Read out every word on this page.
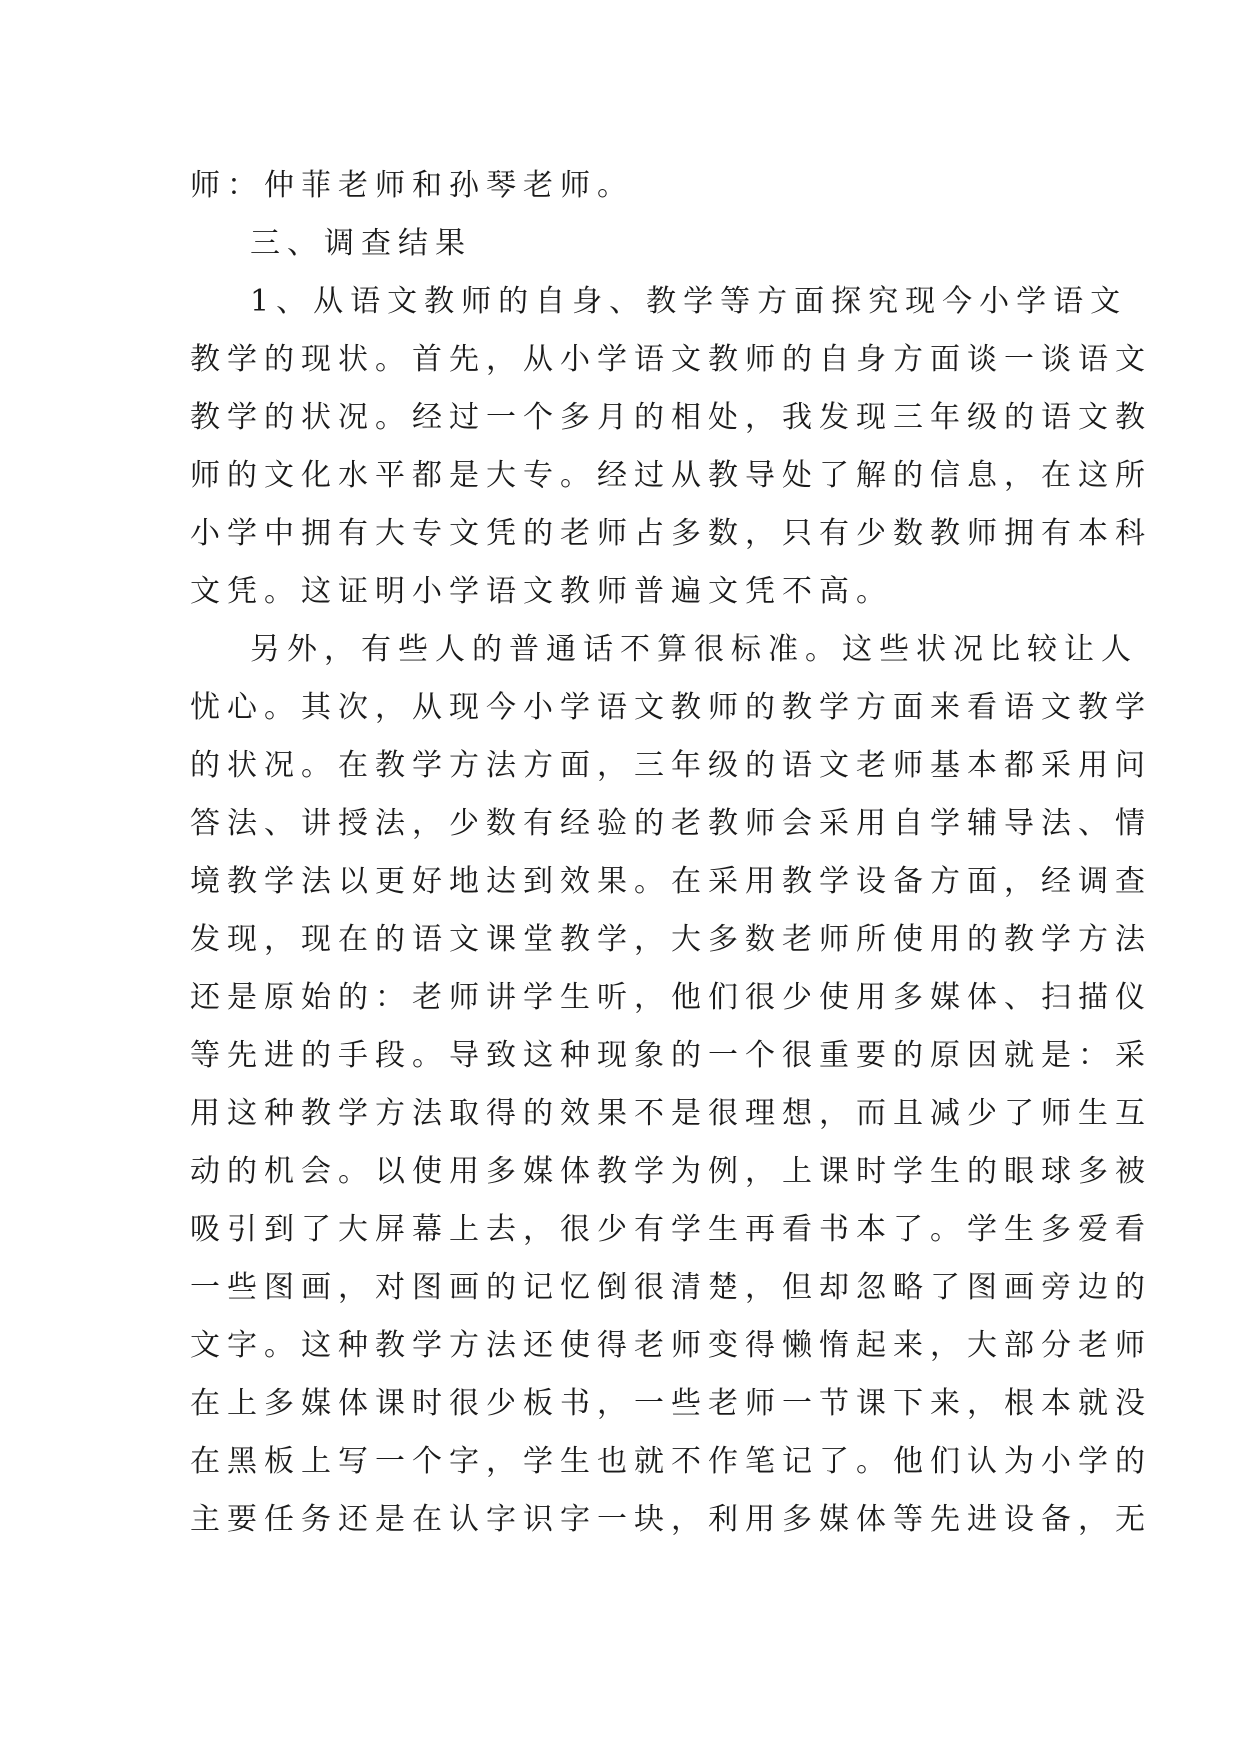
师：仲菲老师和孙琴老师。
三、调查结果
1、从语文教师的自身、教学等方面探究现今小学语文
教学的现状。首先，从小学语文教师的自身方面谈一谈语文
教学的状况。经过一个多月的相处，我发现三年级的语文教
师的文化水平都是大专。经过从教导处了解的信息，在这所
小学中拥有大专文凭的老师占多数，只有少数教师拥有本科
文凭。这证明小学语文教师普遍文凭不高。
另外，有些人的普通话不算很标准。这些状况比较让人
忧心。其次，从现今小学语文教师的教学方面来看语文教学
的状况。在教学方法方面，三年级的语文老师基本都采用问
答法、讲授法，少数有经验的老教师会采用自学辅导法、情
境教学法以更好地达到效果。在采用教学设备方面，经调查
发现，现在的语文课堂教学，大多数老师所使用的教学方法
还是原始的：老师讲学生听，他们很少使用多媒体、扫描仪
等先进的手段。导致这种现象的一个很重要的原因就是：采
用这种教学方法取得的效果不是很理想，而且减少了师生互
动的机会。以使用多媒体教学为例，上课时学生的眼球多被
吸引到了大屏幕上去，很少有学生再看书本了。学生多爱看
一些图画，对图画的记忆倒很清楚，但却忽略了图画旁边的
文字。这种教学方法还使得老师变得懒惰起来，大部分老师
在上多媒体课时很少板书，一些老师一节课下来，根本就没
在黑板上写一个字，学生也就不作笔记了。他们认为小学的
主要任务还是在认字识字一块，利用多媒体等先进设备，无
